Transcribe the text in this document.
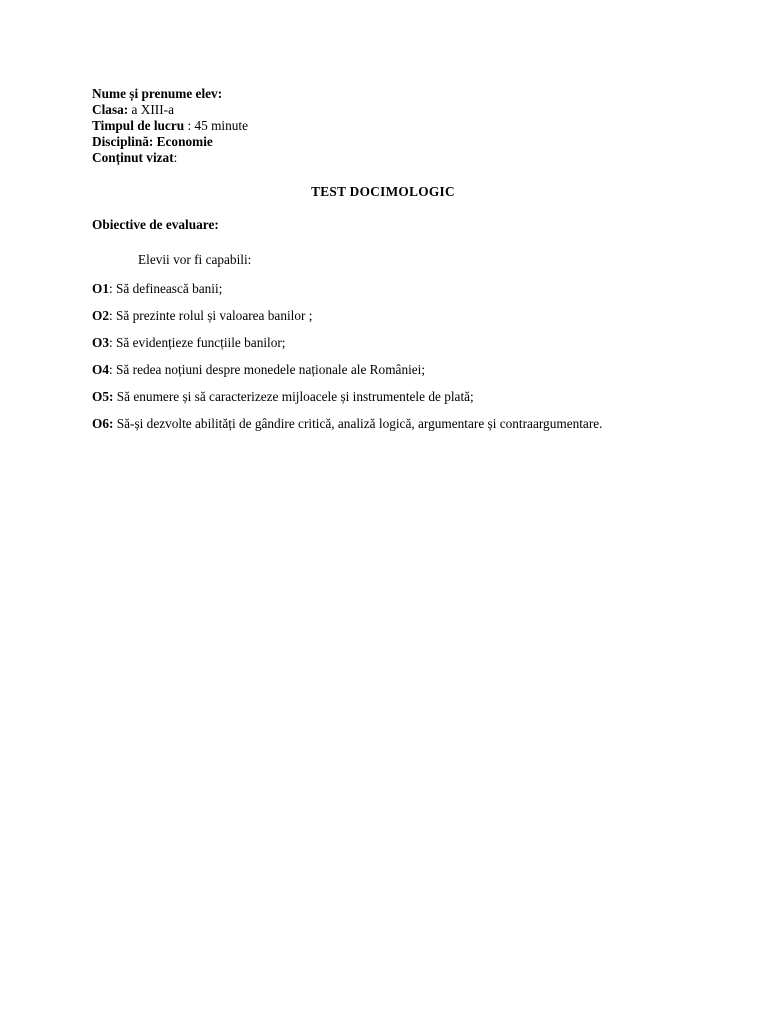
Nume și prenume elev:

Clasa: a XIII-a

Timpul de lucru : 45 minute

Disciplină: Economie

Conținut vizat:

TEST DOCIMOLOGIC

Obiective de evaluare:

Elevii vor fi capabili:

O1: Să definească banii;

O2: Să prezinte rolul și valoarea banilor ;

O3: Să evidențieze funcțiile banilor;

O4: Să redea noțiuni despre monedele naționale ale României;

O5: Să enumere și să caracterizeze mijloacele și instrumentele de plată;

O6: Să-și dezvolte abilități de gândire critică, analiză logică, argumentare și contraargumentare.
